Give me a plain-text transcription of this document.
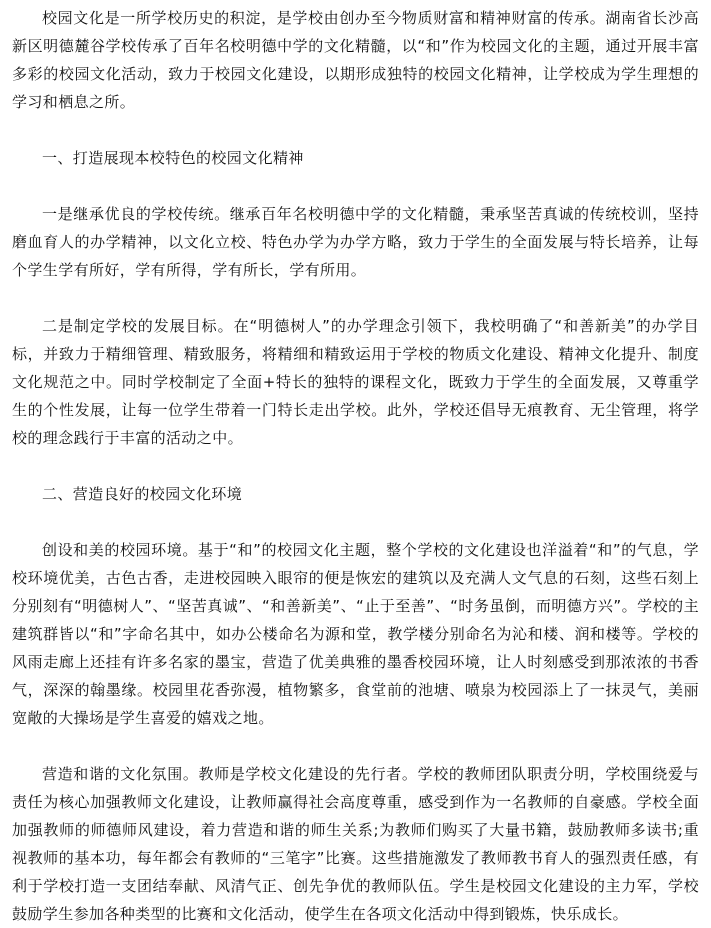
校园文化是一所学校历史的积淀，是学校由创办至今物质财富和精神财富的传承。湖南省长沙高新区明德麓谷学校传承了百年名校明德中学的文化精髓，以“和”作为校园文化的主题，通过开展丰富多彩的校园文化活动，致力于校园文化建设，以期形成独特的校园文化精神，让学校成为学生理想的学习和栖息之所。

一、打造展现本校特色的校园文化精神

一是继承优良的学校传统。继承百年名校明德中学的文化精髓，秉承坚苦真诚的传统校训，坚持磨血育人的办学精神，以文化立校、特色办学为办学方略，致力于学生的全面发展与特长培养，让每个学生学有所好，学有所得，学有所长，学有所用。

二是制定学校的发展目标。在“明德树人”的办学理念引领下，我校明确了“和善新美”的办学目标，并致力于精细管理、精致服务，将精细和精致运用于学校的物质文化建设、精神文化提升、制度文化规范之中。同时学校制定了全面+特长的独特的课程文化，既致力于学生的全面发展，又尊重学生的个性发展，让每一位学生带着一门特长走出学校。此外，学校还倡导无痕教育、无尘管理，将学校的理念践行于丰富的活动之中。

二、营造良好的校园文化环境

创设和美的校园环境。基于“和”的校园文化主题，整个学校的文化建设也洋溢着“和”的气息，学校环境优美，古色古香，走进校园映入眼帘的便是恢宏的建筑以及充满人文气息的石刻，这些石刻上分别刻有“明德树人”、“坚苦真诚”、“和善新美”、“止于至善”、“时务虽倒，而明德方兴”。学校的主建筑群皆以“和”字命名其中，如办公楼命名为源和堂，教学楼分别命名为沁和楼、润和楼等。学校的风雨走廊上还挂有许多名家的墨宝，营造了优美典雅的墨香校园环境，让人时刻感受到那浓浓的书香气，深深的翰墨缘。校园里花香弥漫，植物繁多，食堂前的池塘、喷泉为校园添上了一抹灵气，美丽宽敞的大操场是学生喜爱的嬉戏之地。

营造和谐的文化氛围。教师是学校文化建设的先行者。学校的教师团队职责分明，学校围绕爱与责任为核心加强教师文化建设，让教师赢得社会高度尊重，感受到作为一名教师的自豪感。学校全面加强教师的师德师风建设，着力营造和谐的师生关系;为教师们购买了大量书籍，鼓励教师多读书;重视教师的基本功，每年都会有教师的“三笔字”比赛。这些措施激发了教师教书育人的强烈责任感，有利于学校打造一支团结奉献、风清气正、创先争优的教师队伍。学生是校园文化建设的主力军，学校鼓励学生参加各种类型的比赛和文化活动，使学生在各项文化活动中得到锻炼，快乐成长。
